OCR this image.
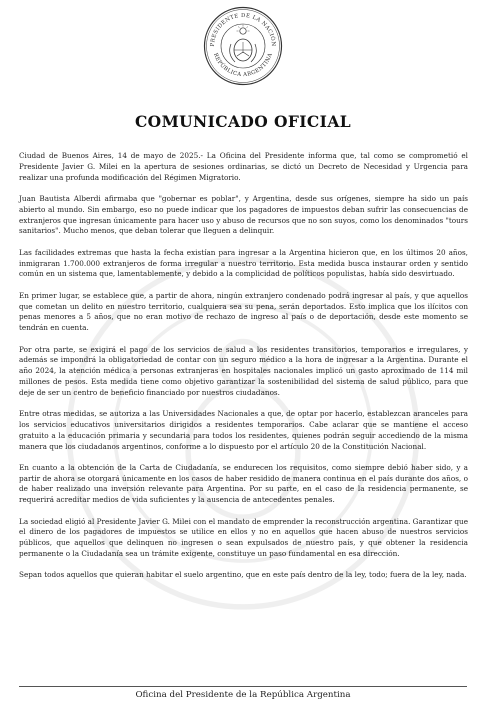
PRESIDENTE DE LA NACIÓN
REPÚBLICA ARGENTINA
COMUNICADO OFICIAL

Ciudad de Buenos Aires, 14 de mayo de 2025.- La Oficina del Presidente informa que, tal como se comprometió el Presidente Javier G. Milei en la apertura de sesiones ordinarias, se dictó un Decreto de Necesidad y Urgencia para realizar una profunda modificación del Régimen Migratorio.

Juan Bautista Alberdi afirmaba que "gobernar es poblar", y Argentina, desde sus orígenes, siempre ha sido un país abierto al mundo. Sin embargo, eso no puede indicar que los pagadores de impuestos deban sufrir las consecuencias de extranjeros que ingresan únicamente para hacer uso y abuso de recursos que no son suyos, como los denominados "tours sanitarios". Mucho menos, que deban tolerar que lleguen a delinquir.

Las facilidades extremas que hasta la fecha existían para ingresar a la Argentina hicieron que, en los últimos 20 años, inmigraran 1.700.000 extranjeros de forma irregular a nuestro territorio. Esta medida busca instaurar orden y sentido común en un sistema que, lamentablemente, y debido a la complicidad de políticos populistas, había sido desvirtuado.

En primer lugar, se establece que, a partir de ahora, ningún extranjero condenado podrá ingresar al país, y que aquellos que cometan un delito en nuestro territorio, cualquiera sea su pena, serán deportados. Esto implica que los ilícitos con penas menores a 5 años, que no eran motivo de rechazo de ingreso al país o de deportación, desde este momento se tendrán en cuenta.

Por otra parte, se exigirá el pago de los servicios de salud a los residentes transitorios, temporarios e irregulares, y además se impondrá la obligatoriedad de contar con un seguro médico a la hora de ingresar a la Argentina. Durante el año 2024, la atención médica a personas extranjeras en hospitales nacionales implicó un gasto aproximado de 114 mil millones de pesos. Esta medida tiene como objetivo garantizar la sostenibilidad del sistema de salud público, para que deje de ser un centro de beneficio financiado por nuestros ciudadanos.

Entre otras medidas, se autoriza a las Universidades Nacionales a que, de optar por hacerlo, establezcan aranceles para los servicios educativos universitarios dirigidos a residentes temporarios. Cabe aclarar que se mantiene el acceso gratuito a la educación primaria y secundaria para todos los residentes, quienes podrán seguir accediendo de la misma manera que los ciudadanos argentinos, conforme a lo dispuesto por el artículo 20 de la Constitución Nacional.

En cuanto a la obtención de la Carta de Ciudadanía, se endurecen los requisitos, como siempre debió haber sido, y a partir de ahora se otorgará únicamente en los casos de haber residido de manera continua en el país durante dos años, o de haber realizado una inversión relevante para Argentina. Por su parte, en el caso de la residencia permanente, se requerirá acreditar medios de vida suficientes y la ausencia de antecedentes penales.

La sociedad eligió al Presidente Javier G. Milei con el mandato de emprender la reconstrucción argentina. Garantizar que el dinero de los pagadores de impuestos se utilice en ellos y no en aquellos que hacen abuso de nuestros servicios públicos, que aquellos que delinquen no ingresen o sean expulsados de nuestro país, y que obtener la residencia permanente o la Ciudadanía sea un trámite exigente, constituye un paso fundamental en esa dirección.

Sepan todos aquellos que quieran habitar el suelo argentino, que en este país dentro de la ley, todo; fuera de la ley, nada.

Oficina del Presidente de la República Argentina
